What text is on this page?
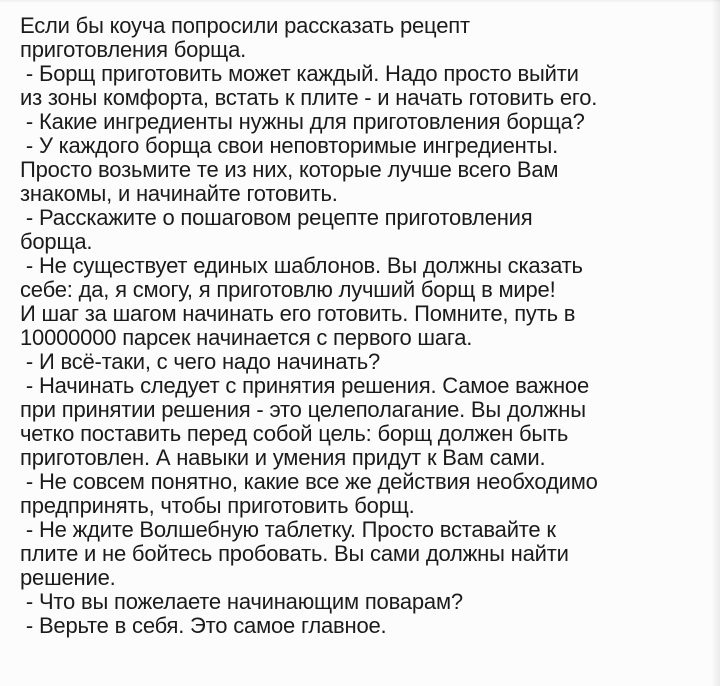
Если бы коуча попросили рассказать рецепт
приготовления борща.

- Борщ приготовить может каждый. Надо просто выйти
из зоны комфорта, встать к плите - и начать готовить его.

- Какие ингредиенты нужны для приготовления борща?

- У каждого борща свои неповторимые ингредиенты.
Просто возьмите те из них, которые лучше всего Вам
знакомы, и начинайте готовить.

- Расскажите о пошаговом рецепте приготовления
борща.

- Не существует единых шаблонов. Вы должны сказать
себе: да, я смогу, я приготовлю лучший борщ в мире!
И шаг за шагом начинать его готовить. Помните, путь в
10000000 парсек начинается с первого шага.

- И всё-таки, с чего надо начинать?

- Начинать следует с принятия решения. Самое важное
при принятии решения - это целеполагание. Вы должны
четко поставить перед собой цель: борщ должен быть
приготовлен. А навыки и умения придут к Вам сами.

- Не совсем понятно, какие все же действия необходимо
предпринять, чтобы приготовить борщ.

- Не ждите Волшебную таблетку. Просто вставайте к
плите и не бойтесь пробовать. Вы сами должны найти
решение.

- Что вы пожелаете начинающим поварам?

- Верьте в себя. Это самое главное.
